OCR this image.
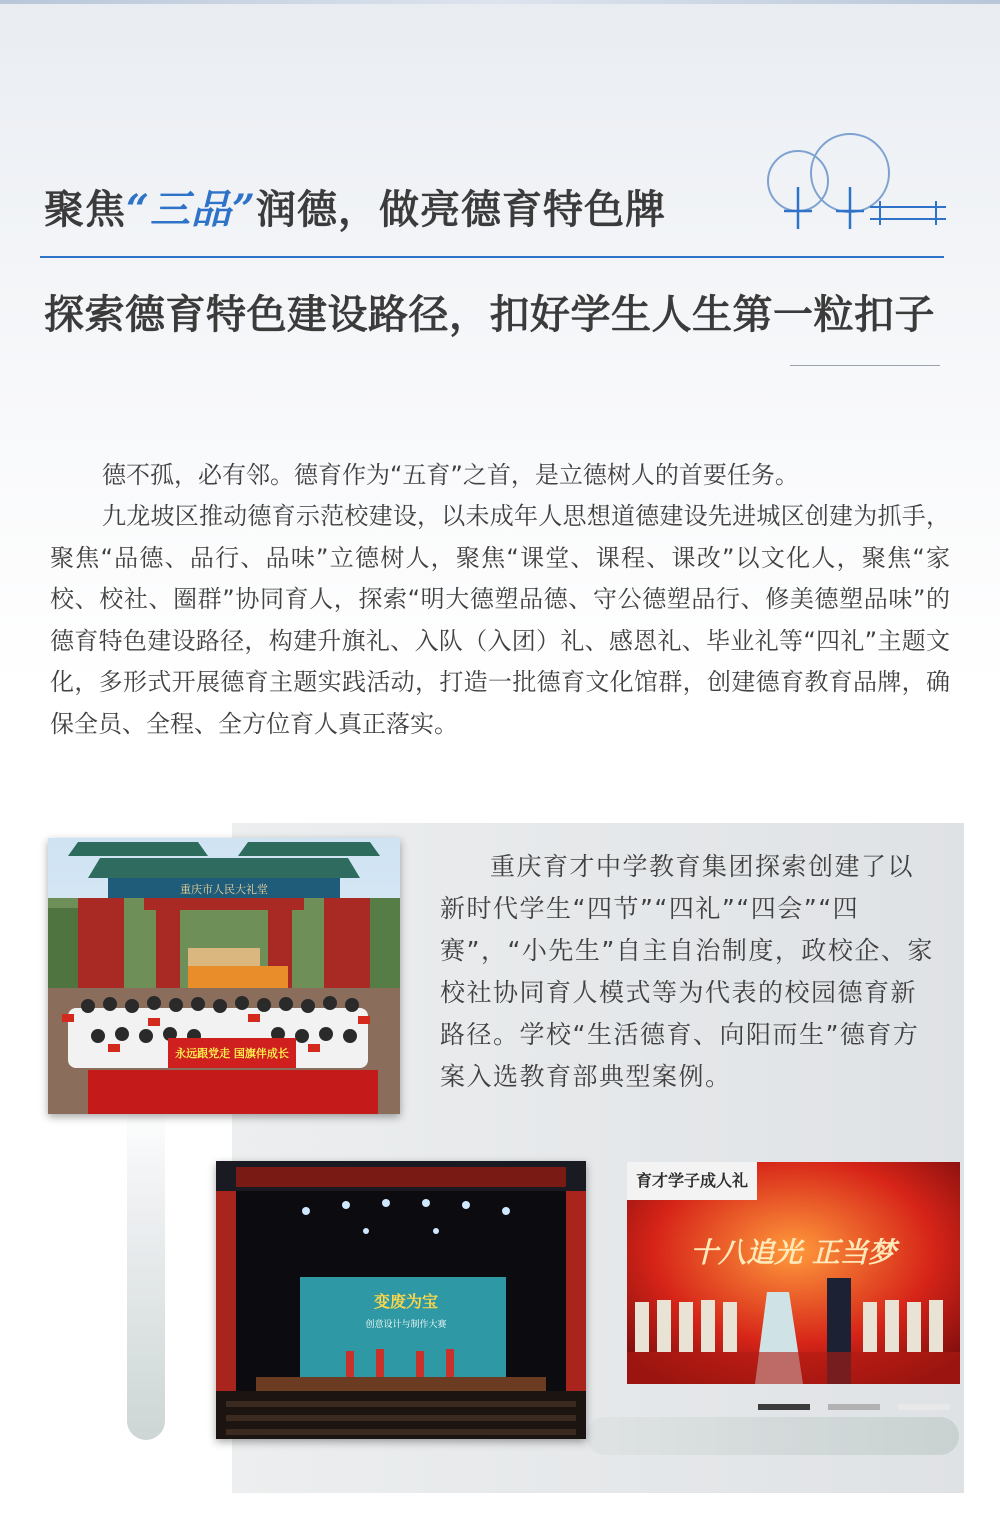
聚焦“三品”润德，做亮德育特色牌
探索德育特色建设路径，扣好学生人生第一粒扣子

德不孤，必有邻。德育作为“五育”之首，是立德树人的首要任务。

九龙坡区推动德育示范校建设，以未成年人思想道德建设先进城区创建为抓手，聚焦“品德、品行、品味”立德树人，聚焦“课堂、课程、课改”以文化人，聚焦“家校、校社、圈群”协同育人，探索“明大德塑品德、守公德塑品行、修美德塑品味”的德育特色建设路径，构建升旗礼、入队（入团）礼、感恩礼、毕业礼等“四礼”主题文化，多形式开展德育主题实践活动，打造一批德育文化馆群，创建德育教育品牌，确保全员、全程、全方位育人真正落实。

重庆市人民大礼堂
永远跟党走 国旗伴成长

重庆育才中学教育集团探索创建了以新时代学生“四节”“四礼”“四会”“四赛”，“小先生”自主自治制度，政校企、家校社协同育人模式等为代表的校园德育新路径。学校“生活德育、向阳而生”德育方案入选教育部典型案例。

变废为宝
创意设计与制作大赛
十八追光 正当梦
育才学子成人礼
